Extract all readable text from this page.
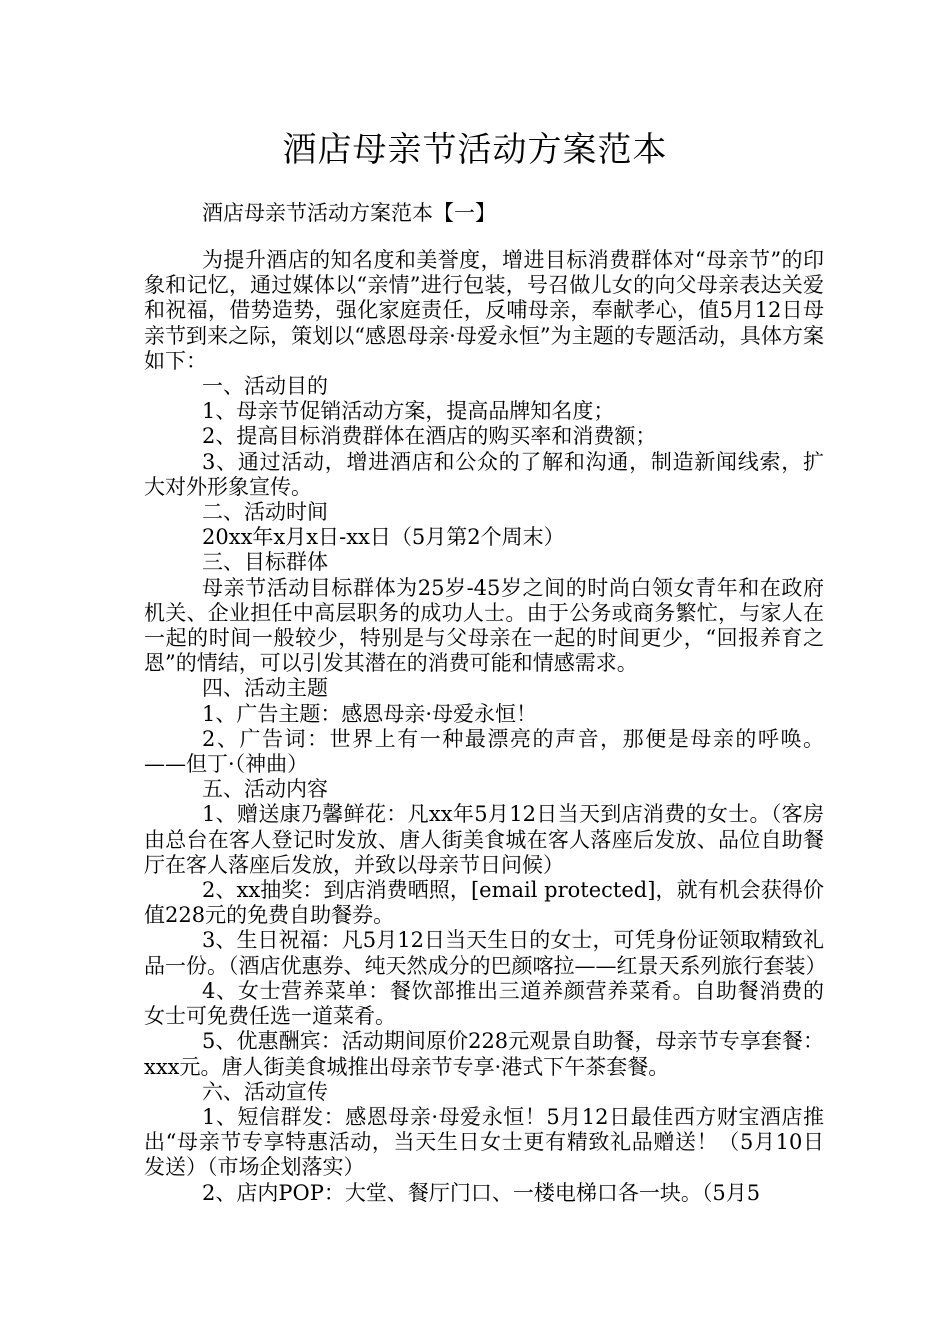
酒店母亲节活动方案范本
酒店母亲节活动方案范本【一】

为提升酒店的知名度和美誉度，增进目标消费群体对“母亲节”的印象和记忆，通过媒体以“亲情”进行包装，号召做儿女的向父母亲表达关爱和祝福，借势造势，强化家庭责任，反哺母亲，奉献孝心，值5月12日母亲节到来之际，策划以“感恩母亲·母爱永恒”为主题的专题活动，具体方案如下：

一、活动目的

1、母亲节促销活动方案，提高品牌知名度；

2、提高目标消费群体在酒店的购买率和消费额；

3、通过活动，增进酒店和公众的了解和沟通，制造新闻线索，扩大对外形象宣传。

二、活动时间

20xx年x月x日-xx日（5月第2个周末）

三、目标群体

母亲节活动目标群体为25岁-45岁之间的时尚白领女青年和在政府机关、企业担任中高层职务的成功人士。由于公务或商务繁忙，与家人在一起的时间一般较少，特别是与父母亲在一起的时间更少，“回报养育之恩”的情结，可以引发其潜在的消费可能和情感需求。

四、活动主题

1、广告主题：感恩母亲·母爱永恒！

2、广告词：世界上有一种最漂亮的声音，那便是母亲的呼唤。——但丁·（神曲）

五、活动内容

1、赠送康乃馨鲜花：凡xx年5月12日当天到店消费的女士。（客房由总台在客人登记时发放、唐人街美食城在客人落座后发放、品位自助餐厅在客人落座后发放，并致以母亲节日问候）

2、xx抽奖：到店消费晒照，[email protected]，就有机会获得价值228元的免费自助餐券。

3、生日祝福：凡5月12日当天生日的女士，可凭身份证领取精致礼品一份。（酒店优惠券、纯天然成分的巴颜喀拉——红景天系列旅行套装）

4、女士营养菜单：餐饮部推出三道养颜营养菜肴。自助餐消费的女士可免费任选一道菜肴。

5、优惠酬宾：活动期间原价228元观景自助餐，母亲节专享套餐：xxx元。唐人街美食城推出母亲节专享·港式下午茶套餐。

六、活动宣传

1、短信群发：感恩母亲·母爱永恒！5月12日最佳西方财宝酒店推出“母亲节专享特惠活动，当天生日女士更有精致礼品赠送！（5月10日发送）（市场企划落实）

2、店内POP：大堂、餐厅门口、一楼电梯口各一块。（5月5
